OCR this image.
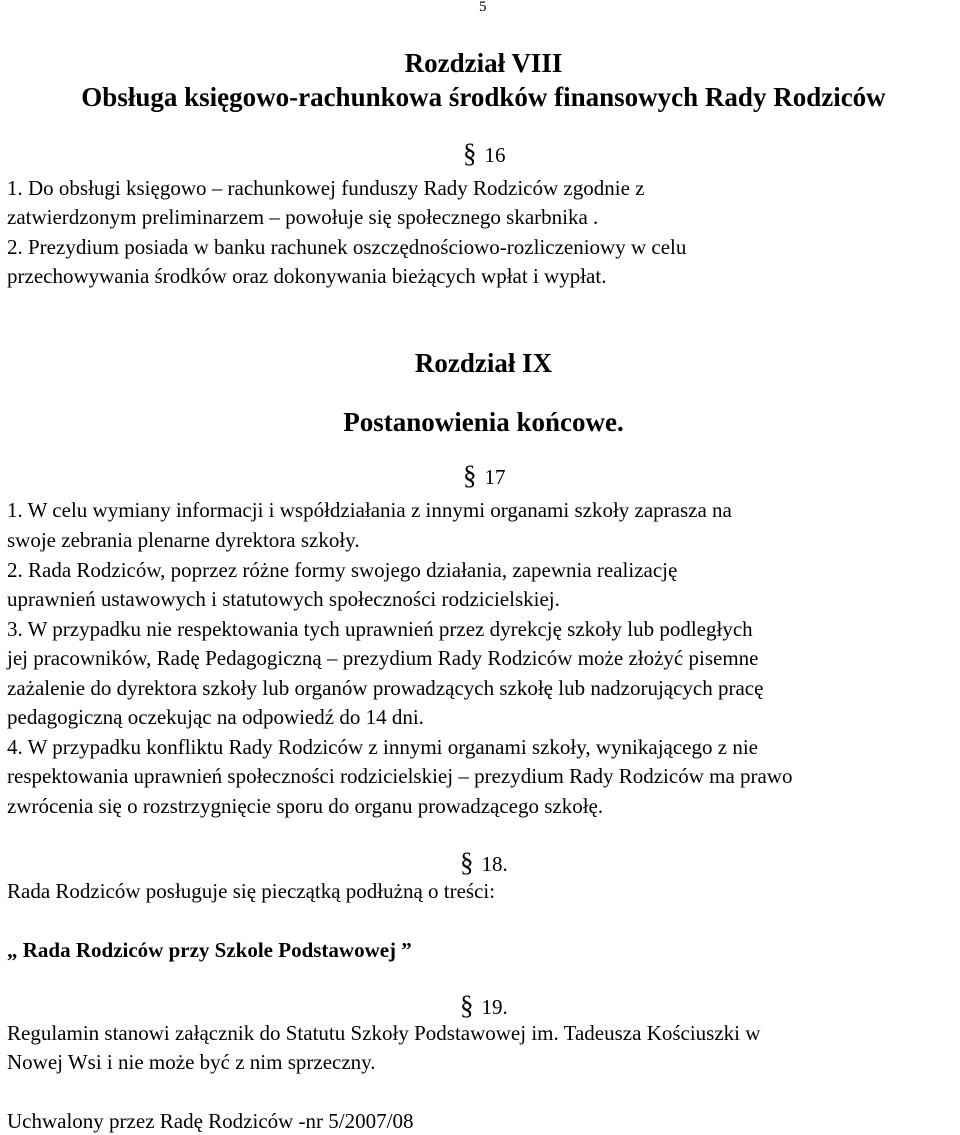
5
Rozdział VIII
Obsługa księgowo-rachunkowa środków finansowych Rady Rodziców
§ 16
1. Do obsługi księgowo – rachunkowej funduszy Rady Rodziców zgodnie z
zatwierdzonym preliminarzem – powołuje się społecznego skarbnika .
2. Prezydium posiada w banku rachunek oszczędnościowo-rozliczeniowy w celu
przechowywania środków oraz dokonywania bieżących wpłat i wypłat.
Rozdział IX
Postanowienia końcowe.
§ 17
1. W celu wymiany informacji i współdziałania z innymi organami szkoły zaprasza na
swoje zebrania plenarne dyrektora szkoły.
2. Rada Rodziców, poprzez różne formy swojego działania, zapewnia realizację
uprawnień ustawowych i statutowych społeczności rodzicielskiej.
3. W przypadku nie respektowania tych uprawnień przez dyrekcję szkoły lub podległych
jej pracowników, Radę Pedagogiczną – prezydium Rady Rodziców może złożyć pisemne
zażalenie do dyrektora szkoły lub organów prowadzących szkołę lub nadzorujących pracę
pedagogiczną oczekując na odpowiedź do 14 dni.
4. W przypadku konfliktu Rady Rodziców z innymi organami szkoły, wynikającego z nie
respektowania uprawnień społeczności rodzicielskiej – prezydium Rady Rodziców ma prawo
zwrócenia się o rozstrzygnięcie sporu do organu prowadzącego szkołę.
§ 18.
Rada Rodziców posługuje się pieczątką podłużną o treści:
„ Rada Rodziców przy Szkole Podstawowej ”
§ 19.
Regulamin stanowi załącznik do Statutu Szkoły Podstawowej im. Tadeusza Kościuszki w
Nowej Wsi i nie może być z nim sprzeczny.
Uchwalony przez Radę Rodziców -nr 5/2007/08
